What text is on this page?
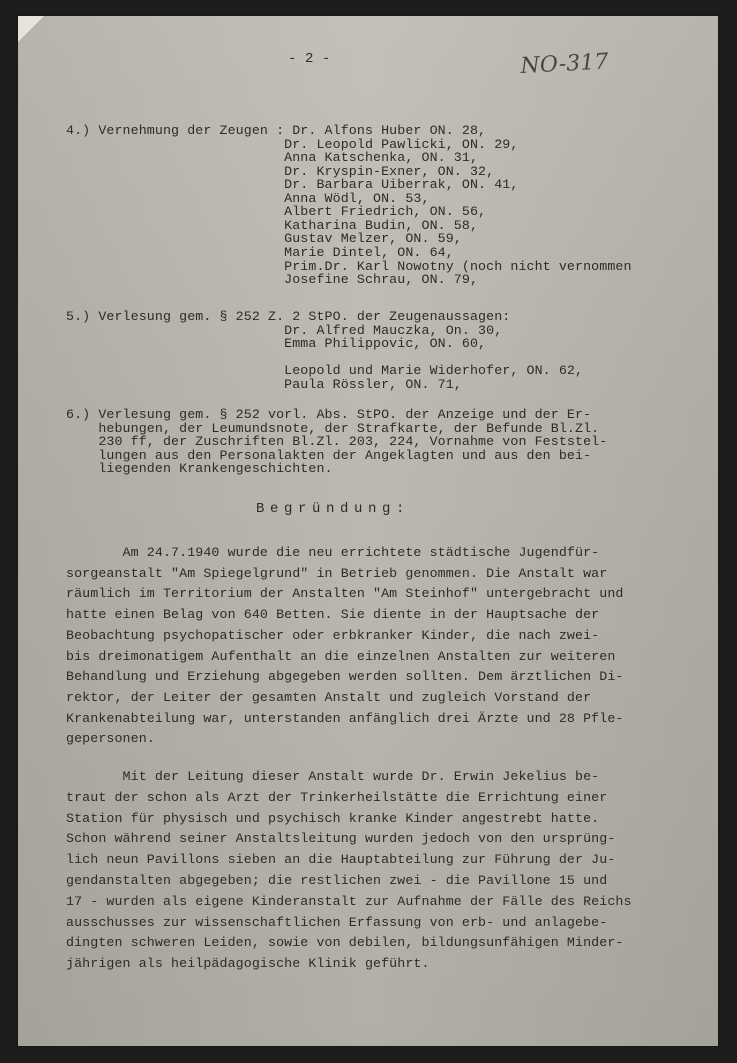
- 2 -	NO-317
Begründung:
4.) Vernehmung der Zeugen : Dr. Alfons Huber ON. 28,
Dr. Leopold Pawlicki, ON. 29,
Anna Katschenka, ON. 31,
Dr. Kryspin-Exner, ON. 32,
Dr. Barbara Uiberrak, ON. 41,
Anna Wödl, ON. 53,
Albert Friedrich, ON. 56,
Katharina Budin, ON. 58,
Gustav Melzer, ON. 59,
Marie Dintel, ON. 64,
Prim.Dr. Karl Nowotny (noch nicht vernommen
Josefine Schrau, ON. 79,
5.) Verlesung gem. § 252 Z. 2 StPO. der Zeugenaussagen:
Dr. Alfred Mauczka, On. 30,
Emma Philippovic, ON. 60,
Leopold und Marie Widerhofer, ON. 62,
Paula Rössler, ON. 71,
6.) Verlesung gem. § 252 vorl. Abs. StPO. der Anzeige und der Er-
hebungen, der Leumundsnote, der Strafkarte, der Befunde Bl.Zl.
230 ff, der Zuschriften Bl.Zl. 203, 224, Vornahme von Feststel-
lungen aus den Personalakten der Angeklagten und aus den bei-
liegenden Krankengeschichten.
Am 24.7.1940 wurde die neu errichtete städtische Jugendfür-
sorgeanstalt "Am Spiegelgrund" in Betrieb genommen. Die Anstalt war
räumlich im Territorium der Anstalten "Am Steinhof" untergebracht und
hatte einen Belag von 640 Betten. Sie diente in der Hauptsache der
Beobachtung psychopatischer oder erbkranker Kinder, die nach zwei-
bis dreimonatigem Aufenthalt an die einzelnen Anstalten zur weiteren
Behandlung und Erziehung abgegeben werden sollten. Dem ärztlichen Di-
rektor, der Leiter der gesamten Anstalt und zugleich Vorstand der
Krankenabteilung war, unterstanden anfänglich drei Ärzte und 28 Pfle-
gepersonen.
Mit der Leitung dieser Anstalt wurde Dr. Erwin Jekelius be-
traut der schon als Arzt der Trinkerheilstätte die Errichtung einer
Station für physisch und psychisch kranke Kinder angestrebt hatte.
Schon während seiner Anstaltsleitung wurden jedoch von den ursprüng-
lich neun Pavillons sieben an die Hauptabteilung zur Führung der Ju-
gendanstalten abgegeben; die restlichen zwei - die Pavillone 15 und
17 - wurden als eigene Kinderanstalt zur Aufnahme der Fälle des Reichs
ausschusses zur wissenschaftlichen Erfassung von erb- und anlagebe-
dingten schweren Leiden, sowie von debilen, bildungsunfähigen Minder-
jährigen als heilpädagogische Klinik geführt.
